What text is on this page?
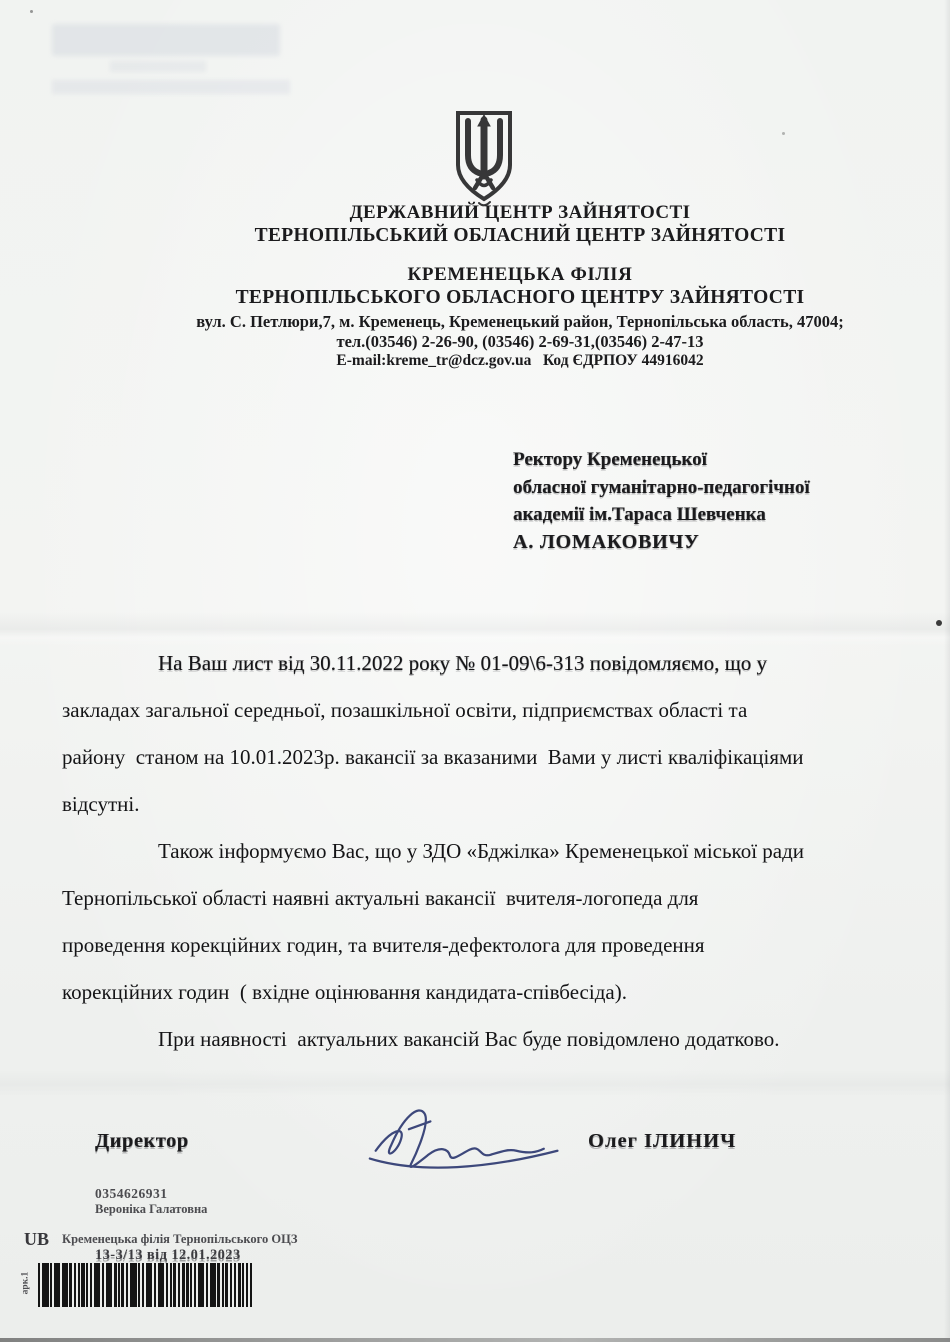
ДЕРЖАВНИЙ ЦЕНТР ЗАЙНЯТОСТІ
ТЕРНОПІЛЬСЬКИЙ ОБЛАСНИЙ ЦЕНТР ЗАЙНЯТОСТІ
КРЕМЕНЕЦЬКА ФІЛІЯ
ТЕРНОПІЛЬСЬКОГО ОБЛАСНОГО ЦЕНТРУ ЗАЙНЯТОСТІ
вул. С. Петлюри,7, м. Кременець, Кременецький район, Тернопільська область, 47004;
тел.(03546) 2-26-90, (03546) 2-69-31,(03546) 2-47-13
E-mail:kreme_tr@dcz.gov.ua   Код ЄДРПОУ 44916042
Ректору Кременецької
обласної гуманітарно-педагогічної
академії ім.Тараса Шевченка
А. ЛОМАКОВИЧУ
На Ваш лист від 30.11.2022 року № 01-09\6-313 повідомляємо, що у
закладах загальної середньої, позашкільної освіти, підприємствах області та
району  станом на 10.01.2023р. вакансії за вказаними  Вами у листі кваліфікаціями
відсутні.
Також інформуємо Вас, що у ЗДО «Бджілка» Кременецької міської ради
Тернопільської області наявні актуальні вакансії  вчителя-логопеда для
проведення корекційних годин, та вчителя-дефектолога для проведення
корекційних годин  ( вхідне оцінювання кандидата-співбесіда).
При наявності  актуальних вакансій Вас буде повідомлено додатково.
Директор	Олег ІЛИНИЧ
0354626931
Вероніка Галатовна
UB Кременецька філія Тернопільського ОЦЗ
13-3/13 від 12.01.2023
арк.1
